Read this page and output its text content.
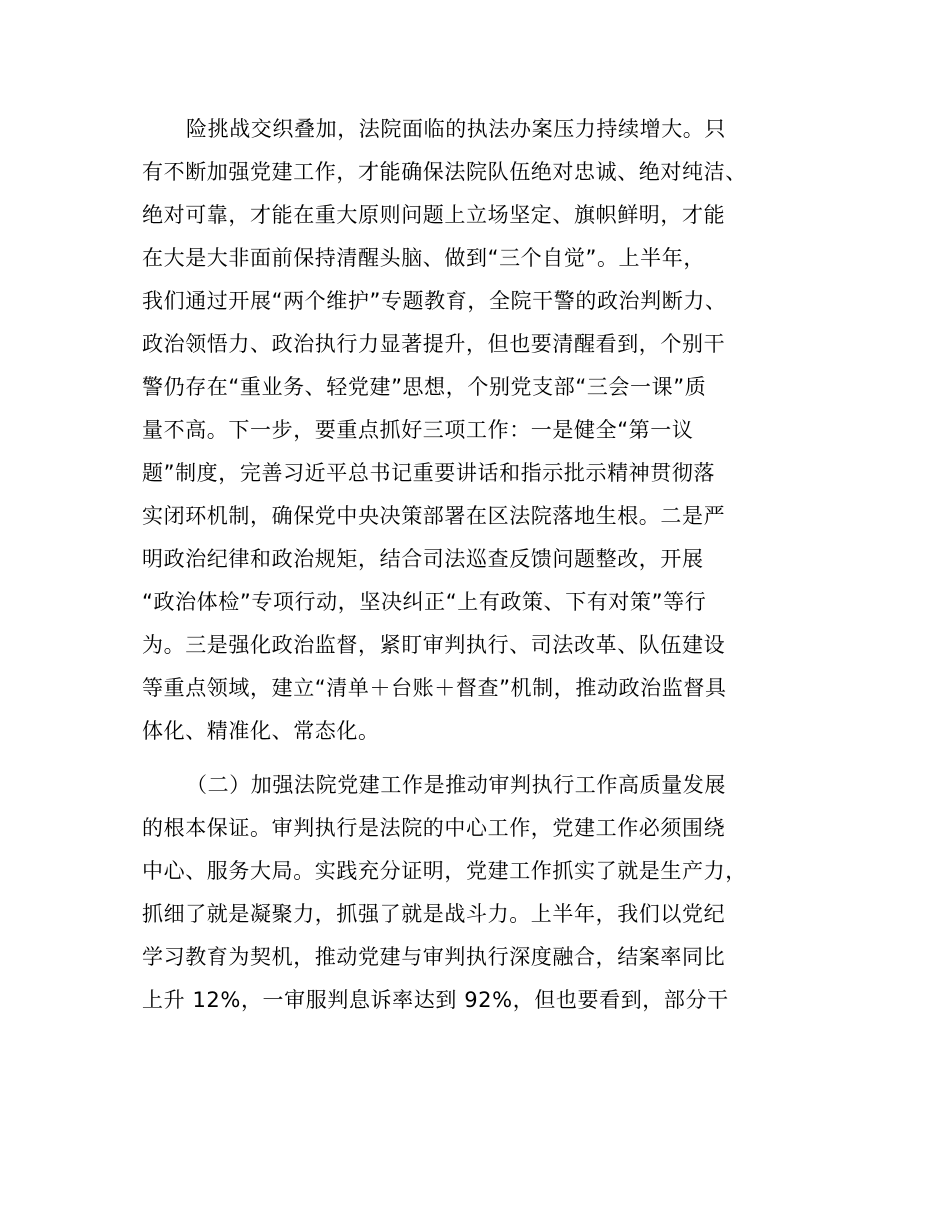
险挑战交织叠加，法院面临的执法办案压力持续增大。只
有不断加强党建工作，才能确保法院队伍绝对忠诚、绝对纯洁、
绝对可靠，才能在重大原则问题上立场坚定、旗帜鲜明，才能
在大是大非面前保持清醒头脑、做到“三个自觉”。上半年，
我们通过开展“两个维护”专题教育，全院干警的政治判断力、
政治领悟力、政治执行力显著提升，但也要清醒看到，个别干
警仍存在“重业务、轻党建”思想，个别党支部“三会一课”质
量不高。下一步，要重点抓好三项工作：一是健全“第一议
题”制度，完善习近平总书记重要讲话和指示批示精神贯彻落
实闭环机制，确保党中央决策部署在区法院落地生根。二是严
明政治纪律和政治规矩，结合司法巡查反馈问题整改，开展
“政治体检”专项行动，坚决纠正“上有政策、下有对策”等行
为。三是强化政治监督，紧盯审判执行、司法改革、队伍建设
等重点领域，建立“清单＋台账＋督查”机制，推动政治监督具
体化、精准化、常态化。
（二）加强法院党建工作是推动审判执行工作高质量发展
的根本保证。审判执行是法院的中心工作，党建工作必须围绕
中心、服务大局。实践充分证明，党建工作抓实了就是生产力，
抓细了就是凝聚力，抓强了就是战斗力。上半年，我们以党纪
学习教育为契机，推动党建与审判执行深度融合，结案率同比
上升 12%，一审服判息诉率达到 92%，但也要看到，部分干
